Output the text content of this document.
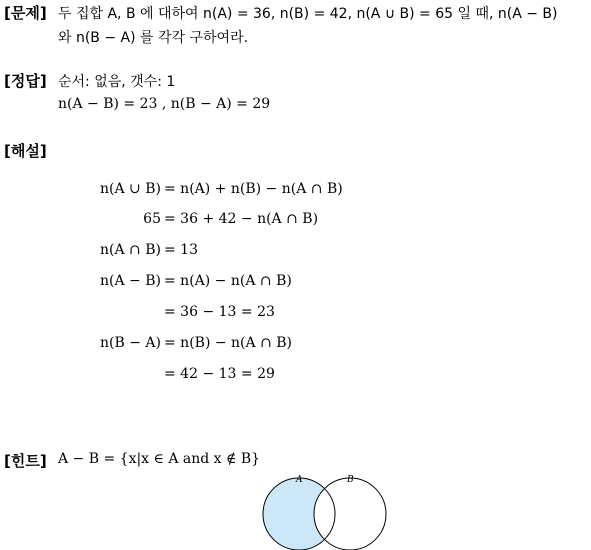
[문제] 두 집합 A, B 에 대하여 n(A) = 36, n(B) = 42, n(A ∪ B) = 65 일 때, n(A − B)
와 n(B − A) 를 각각 구하여라.
[정답] 순서: 없음, 갯수: 1
n(A − B) = 23 , n(B − A) = 29
[해설]
n(A ∪ B) = n(A) + n(B) − n(A ∩ B)
65 = 36 + 42 − n(A ∩ B)
n(A ∩ B) = 13
n(A − B) = n(A) − n(A ∩ B)
= 36 − 13 = 23
n(B − A) = n(B) − n(A ∩ B)
= 42 − 13 = 29
[힌트] A − B = {x|x ∈ A and x ∉ B}
A	B
